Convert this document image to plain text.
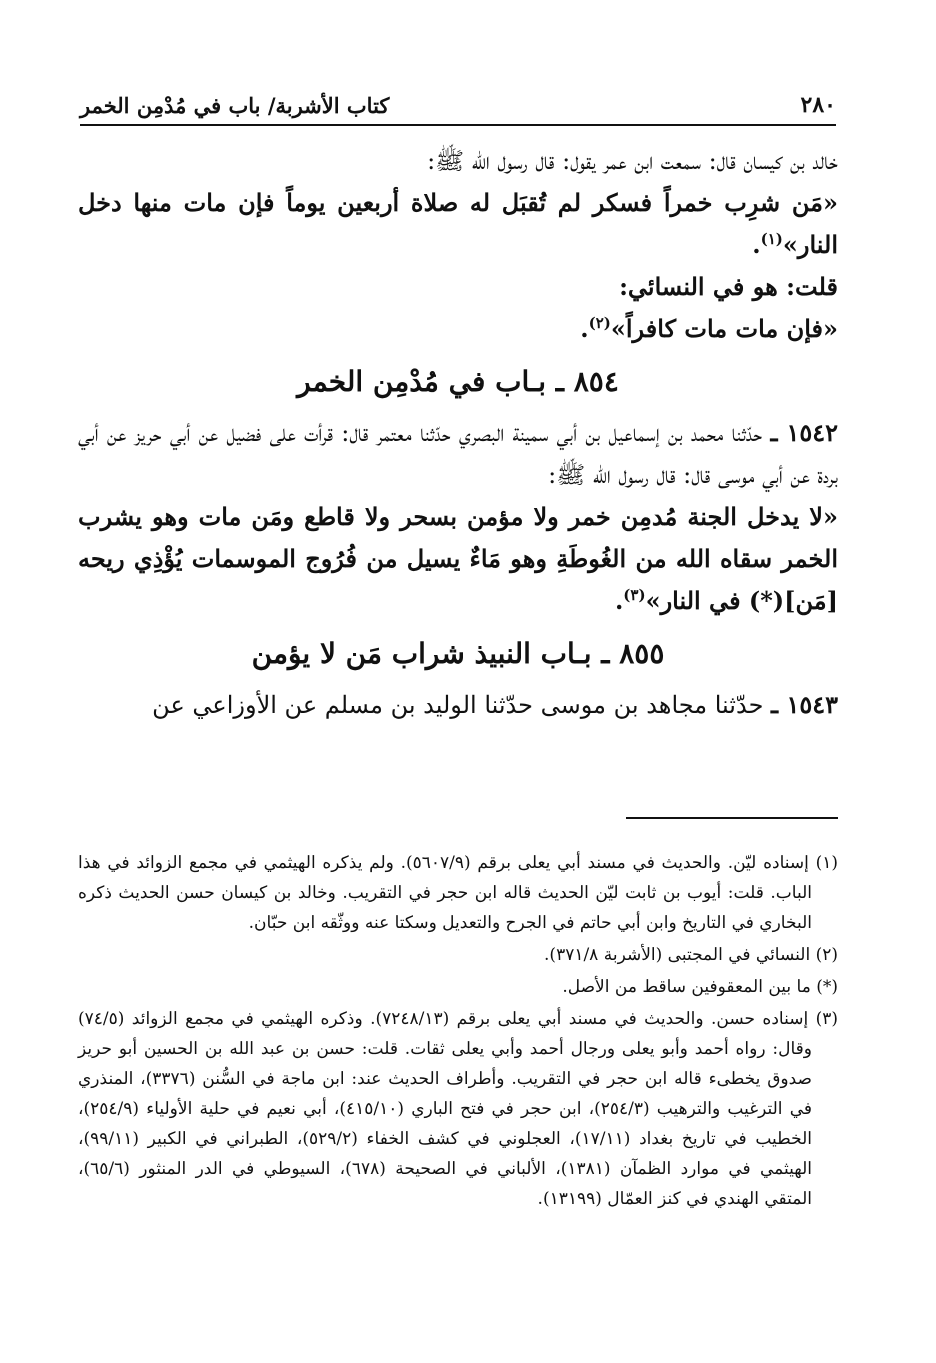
٢٨٠
كتاب الأشربة/ باب في مُدْمِن الخمر

خالد بن كيسان قال: سمعت ابن عمر يقول: قال رسول الله ﷺ:

«مَن شرِب خمراً فسكر لم تُقبَل له صلاة أربعين يوماً فإن مات منها دخل النار»$^{(١)}$.

قلت: هو في النسائي:

«فإن مات مات كافراً»$^{(٢)}$.

٨٥٤ ـ بـاب في مُدْمِن الخمر

١٥٤٢ ـ حدّثنا محمد بن إسماعيل بن أبي سمينة البصري حدّثنا معتمر قال: قرأت على فضيل عن أبي حريز عن أبي بردة عن أبي موسى قال: قال رسول الله ﷺ:

«لا يدخل الجنة مُدمِن خمر ولا مؤمن بسحر ولا قاطع ومَن مات وهو يشرب الخمر سقاه الله من الغُوطَةِ وهو مَاءٌ يسيل من فُرُوج الموسمات يُؤْذِي ريحه [مَن](*) في النار»$^{(٣)}$.

٨٥٥ ـ بـاب النبيذ شراب مَن لا يؤمن

١٥٤٣ ـ حدّثنا مجاهد بن موسى حدّثنا الوليد بن مسلم عن الأوزاعي عن

(١) إسناده ليّن. والحديث في مسند أبي يعلى برقم (٥٦٠٧/٩). ولم يذكره الهيثمي في مجمع الزوائد في هذا الباب. قلت: أيوب بن ثابت ليّن الحديث قاله ابن حجر في التقريب. وخالد بن كيسان حسن الحديث ذكره البخاري في التاريخ وابن أبي حاتم في الجرح والتعديل وسكتا عنه ووثّقه ابن حبّان.

(٢) النسائي في المجتبى (الأشربة ٣٧١/٨).

(*) ما بين المعقوفين ساقط من الأصل.

(٣) إسناده حسن. والحديث في مسند أبي يعلى برقم (٧٢٤٨/١٣). وذكره الهيثمي في مجمع الزوائد (٧٤/٥) وقال: رواه أحمد وأبو يعلى ورجال أحمد وأبي يعلى ثقات. قلت: حسن بن عبد الله بن الحسين أبو حريز صدوق يخطىء قاله ابن حجر في التقريب. وأطراف الحديث عند: ابن ماجة في السُّنن (٣٣٧٦)، المنذري في الترغيب والترهيب (٢٥٤/٣)، ابن حجر في فتح الباري (٤١٥/١٠)، أبي نعيم في حلية الأولياء (٢٥٤/٩)، الخطيب في تاريخ بغداد (١٧/١١)، العجلوني في كشف الخفاء (٥٢٩/٢)، الطبراني في الكبير (٩٩/١١)، الهيثمي في موارد الظمآن (١٣٨١)، الألباني في الصحيحة (٦٧٨)، السيوطي في الدر المنثور (٦٥/٦)، المتقي الهندي في كنز العمّال (١٣١٩٩).
